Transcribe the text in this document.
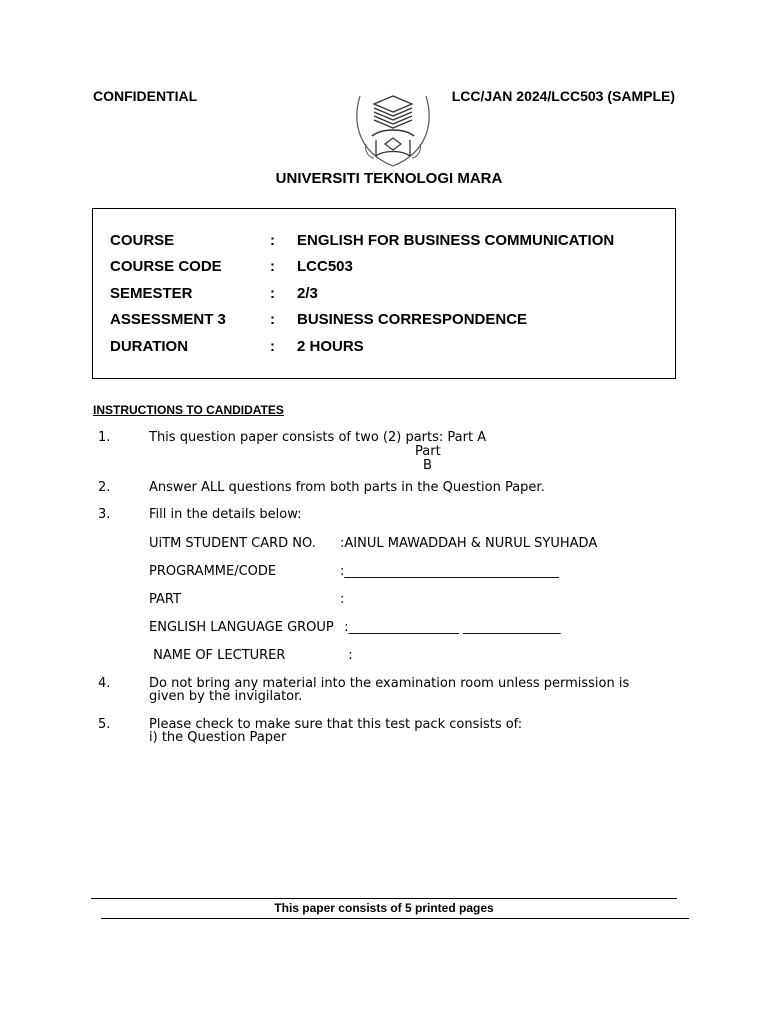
CONFIDENTIAL	LCC/JAN 2024/LCC503 (SAMPLE)
UNIVERSITI TEKNOLOGI MARA
COURSE	: ENGLISH FOR BUSINESS COMMUNICATION
COURSE CODE	: LCC503
SEMESTER	: 2/3
ASSESSMENT 3	: BUSINESS CORRESPONDENCE
DURATION	: 2 HOURS
INSTRUCTIONS TO CANDIDATES
1.	This question paper consists of two (2) parts: Part A
Part
B
2.	Answer ALL questions from both parts in the Question Paper.
3.	Fill in the details below:
UiTM STUDENT CARD NO. :AINUL MAWADDAH & NURUL SYUHADA
PROGRAMME/CODE	:_________________________________
PART	:
ENGLISH LANGUAGE GROUP :_________________ _______________
NAME OF LECTURER	:
4.	Do not bring any material into the examination room unless permission is
given by the invigilator.
5.	Please check to make sure that this test pack consists of:
i) the Question Paper
This paper consists of 5 printed pages
